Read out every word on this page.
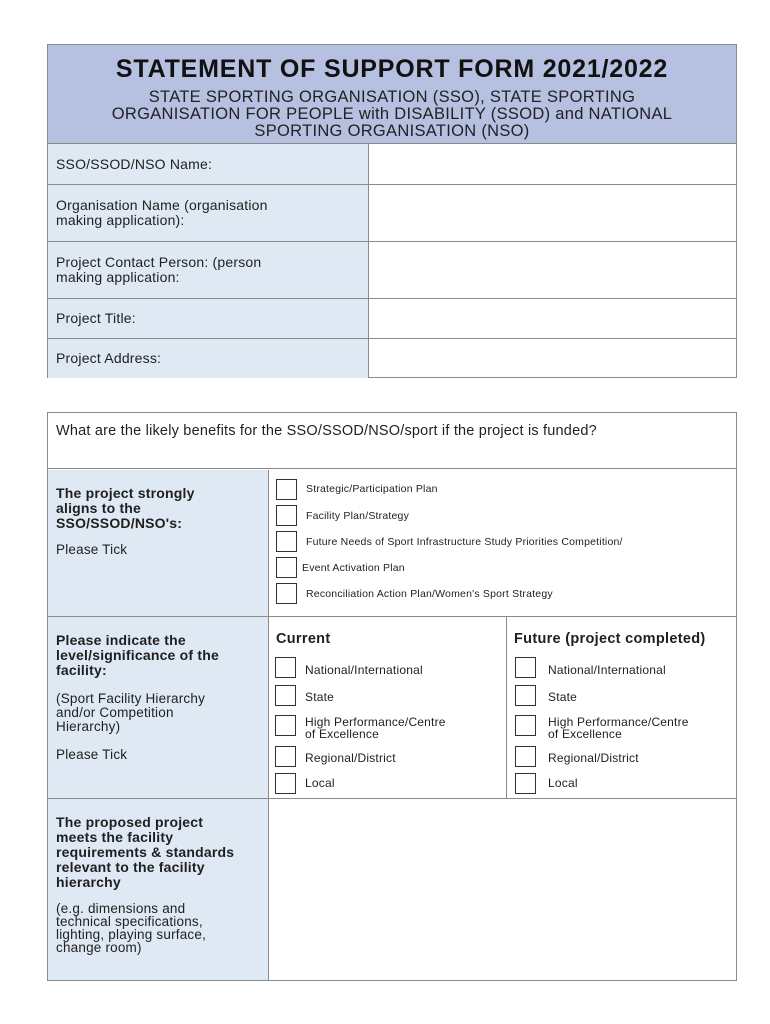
STATEMENT OF SUPPORT FORM 2021/2022
STATE SPORTING ORGANISATION (SSO), STATE SPORTING
ORGANISATION FOR PEOPLE with DISABILITY (SSOD) and NATIONAL
SPORTING ORGANISATION (NSO)
SSO/SSOD/NSO Name:
Organisation Name (organisation
making application):
Project Contact Person: (person
making application:
Project Title:
Project Address:
What are the likely benefits for the SSO/SSOD/NSO/sport if the project is funded?
The project strongly
aligns to the
SSO/SSOD/NSO's:
Please Tick
Strategic/Participation Plan
Facility Plan/Strategy
Future Needs of Sport Infrastructure Study Priorities Competition/
Event Activation Plan
Reconciliation Action Plan/Women's Sport Strategy
Please indicate the
level/significance of the
facility:
(Sport Facility Hierarchy
and/or Competition
Hierarchy)
Please Tick
Current	Future (project completed)
National/International
State
High Performance/Centre
of Excellence
Regional/District
Local
National/International
State
High Performance/Centre
of Excellence
Regional/District
Local
The proposed project
meets the facility
requirements & standards
relevant to the facility
hierarchy
(e.g. dimensions and
technical specifications,
lighting, playing surface,
change room)
